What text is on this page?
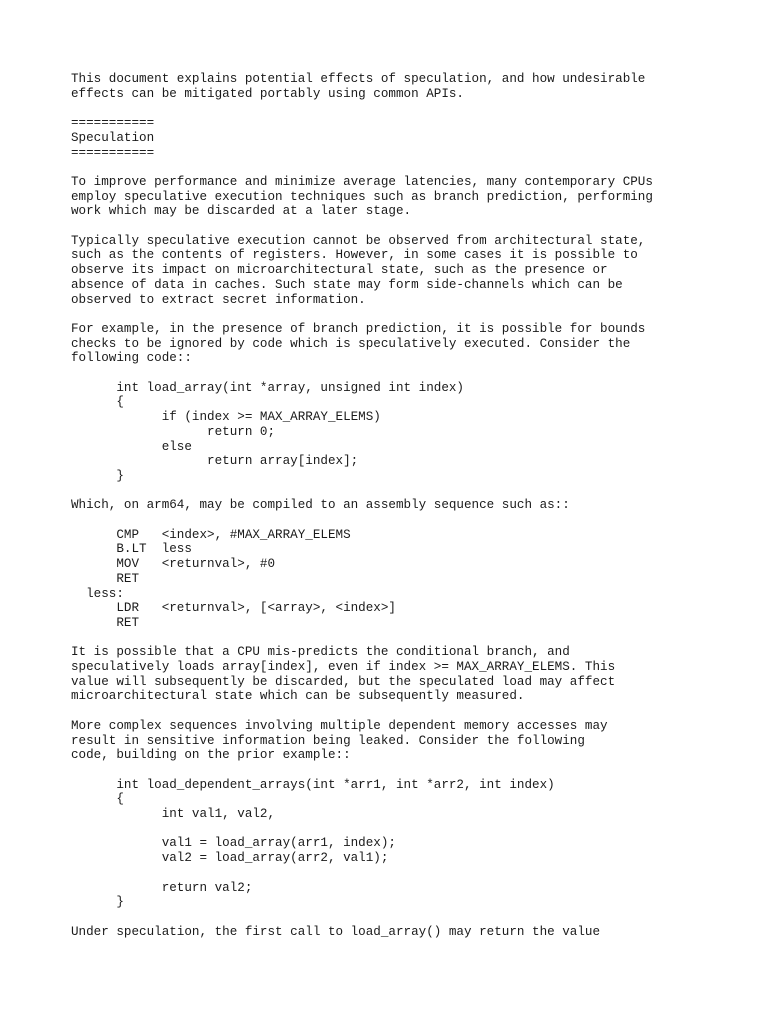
This document explains potential effects of speculation, and how undesirable
effects can be mitigated portably using common APIs.
===========
Speculation
===========
To improve performance and minimize average latencies, many contemporary CPUs
employ speculative execution techniques such as branch prediction, performing
work which may be discarded at a later stage.
Typically speculative execution cannot be observed from architectural state,
such as the contents of registers. However, in some cases it is possible to
observe its impact on microarchitectural state, such as the presence or
absence of data in caches. Such state may form side-channels which can be
observed to extract secret information.
For example, in the presence of branch prediction, it is possible for bounds
checks to be ignored by code which is speculatively executed. Consider the
following code::
int load_array(int *array, unsigned int index)
{
if (index >= MAX_ARRAY_ELEMS)
return 0;
else
return array[index];
}
Which, on arm64, may be compiled to an assembly sequence such as::
CMP   <index>, #MAX_ARRAY_ELEMS
B.LT  less
MOV   <returnval>, #0
RET
less:
LDR   <returnval>, [<array>, <index>]
RET
It is possible that a CPU mis-predicts the conditional branch, and
speculatively loads array[index], even if index >= MAX_ARRAY_ELEMS. This
value will subsequently be discarded, but the speculated load may affect
microarchitectural state which can be subsequently measured.
More complex sequences involving multiple dependent memory accesses may
result in sensitive information being leaked. Consider the following
code, building on the prior example::
int load_dependent_arrays(int *arr1, int *arr2, int index)
{
int val1, val2,

val1 = load_array(arr1, index);
val2 = load_array(arr2, val1);

return val2;
}
Under speculation, the first call to load_array() may return the value
